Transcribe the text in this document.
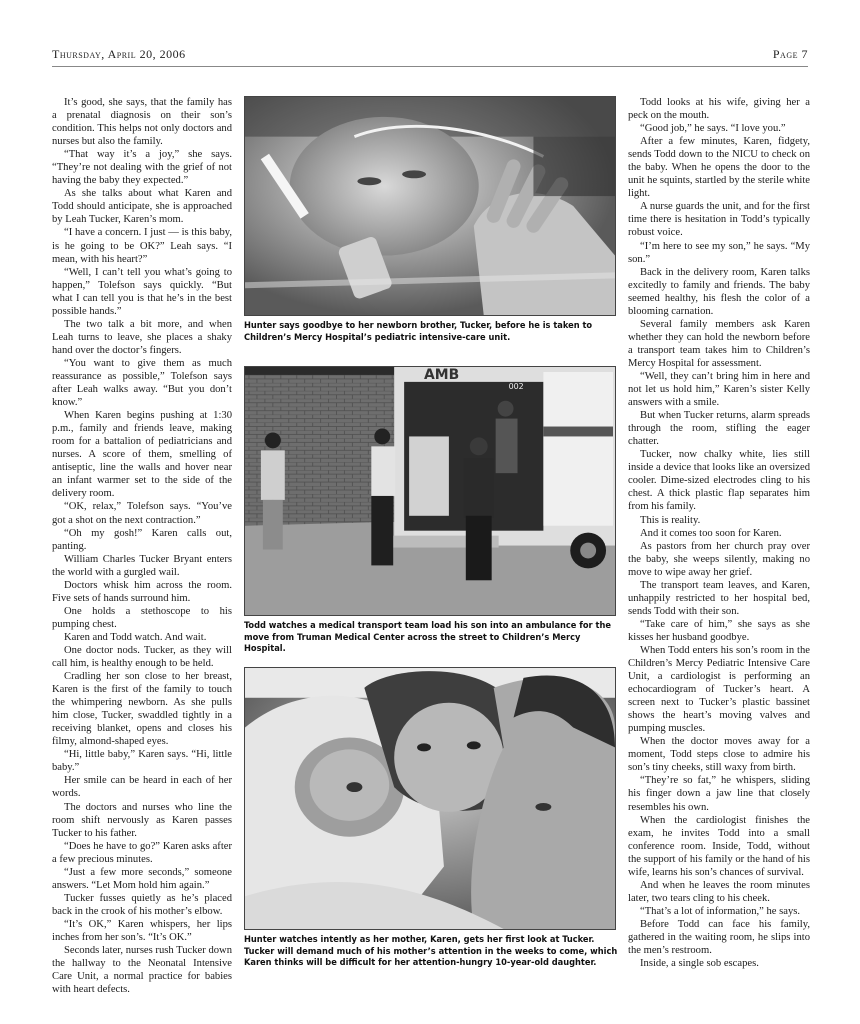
Thursday, April 20, 2006	Page 7

It’s good, she says, that the family has a prenatal diagnosis on their son’s condition. This helps not only doctors and nurses but also the family.

“That way it’s a joy,” she says. “They’re not dealing with the grief of not having the baby they expected.”

As she talks about what Karen and Todd should anticipate, she is approached by Leah Tucker, Karen’s mom.

“I have a concern. I just — is this baby, is he going to be OK?” Leah says. “I mean, with his heart?”

“Well, I can’t tell you what’s going to happen,” Tolefson says quickly. “But what I can tell you is that he’s in the best possible hands.”

The two talk a bit more, and when Leah turns to leave, she places a shaky hand over the doctor’s fingers.

“You want to give them as much reassurance as possible,” Tolefson says after Leah walks away. “But you don’t know.”

When Karen begins pushing at 1:30 p.m., family and friends leave, making room for a battalion of pediatricians and nurses. A score of them, smelling of antiseptic, line the walls and hover near an infant warmer set to the side of the delivery room.

“OK, relax,” Tolefson says. “You’ve got a shot on the next contraction.”

“Oh my gosh!” Karen calls out, panting.

William Charles Tucker Bryant enters the world with a gurgled wail.

Doctors whisk him across the room. Five sets of hands surround him.

One holds a stethoscope to his pumping chest.

Karen and Todd watch. And wait.

One doctor nods. Tucker, as they will call him, is healthy enough to be held.

Cradling her son close to her breast, Karen is the first of the family to touch the whimpering newborn. As she pulls him close, Tucker, swaddled tightly in a receiving blanket, opens and closes his filmy, almond-shaped eyes.

“Hi, little baby,” Karen says. “Hi, little baby.”

Her smile can be heard in each of her words.

The doctors and nurses who line the room shift nervously as Karen passes Tucker to his father.

“Does he have to go?” Karen asks after a few precious minutes.

“Just a few more seconds,” someone answers. “Let Mom hold him again.”

Tucker fusses quietly as he’s placed back in the crook of his mother’s elbow.

“It’s OK,” Karen whispers, her lips inches from her son’s. “It’s OK.”

Seconds later, nurses rush Tucker down the hallway to the Neonatal Intensive Care Unit, a normal practice for babies with heart defects.

Todd looks at his wife, giving her a peck on the mouth.

“Good job,” he says. “I love you.”

After a few minutes, Karen, fidgety, sends Todd down to the NICU to check on the baby. When he opens the door to the unit he squints, startled by the sterile white light.

A nurse guards the unit, and for the first time there is hesitation in Todd’s typically robust voice.

“I’m here to see my son,” he says. “My son.”

Back in the delivery room, Karen talks excitedly to family and friends. The baby seemed healthy, his flesh the color of a blooming carnation.

Several family members ask Karen whether they can hold the newborn before a transport team takes him to Children’s Mercy Hospital for assessment.

“Well, they can’t bring him in here and not let us hold him,” Karen’s sister Kelly answers with a smile.

But when Tucker returns, alarm spreads through the room, stifling the eager chatter.

Tucker, now chalky white, lies still inside a device that looks like an oversized cooler. Dime-sized electrodes cling to his chest. A thick plastic flap separates him from his family.

This is reality.

And it comes too soon for Karen.

As pastors from her church pray over the baby, she weeps silently, making no move to wipe away her grief.

The transport team leaves, and Karen, unhappily restricted to her hospital bed, sends Todd with their son.

“Take care of him,” she says as she kisses her husband goodbye.

When Todd enters his son’s room in the Children’s Mercy Pediatric Intensive Care Unit, a cardiologist is performing an echocardiogram of Tucker’s heart. A screen next to Tucker’s plastic bassinet shows the heart’s moving valves and pumping muscles.

When the doctor moves away for a moment, Todd steps close to admire his son’s tiny cheeks, still waxy from birth.

“They’re so fat,” he whispers, sliding his finger down a jaw line that closely resembles his own.

When the cardiologist finishes the exam, he invites Todd into a small conference room. Inside, Todd, without the support of his family or the hand of his wife, learns his son’s chances of survival.

And when he leaves the room minutes later, two tears cling to his cheek.

“That’s a lot of information,” he says.

Before Todd can face his family, gathered in the waiting room, he slips into the men’s restroom.

Inside, a single sob escapes.

Hunter says goodbye to her newborn brother, Tucker, before he is taken to Children’s Mercy Hospital’s pediatric intensive-care unit.
AMB
002
Todd watches a medical transport team load his son into an ambulance for the move from Truman Medical Center across the street to Children’s Mercy Hospital.
Hunter watches intently as her mother, Karen, gets her first look at Tucker. Tucker will demand much of his mother’s attention in the weeks to come, which Karen thinks will be difficult for her attention-hungry 10-year-old daughter.
